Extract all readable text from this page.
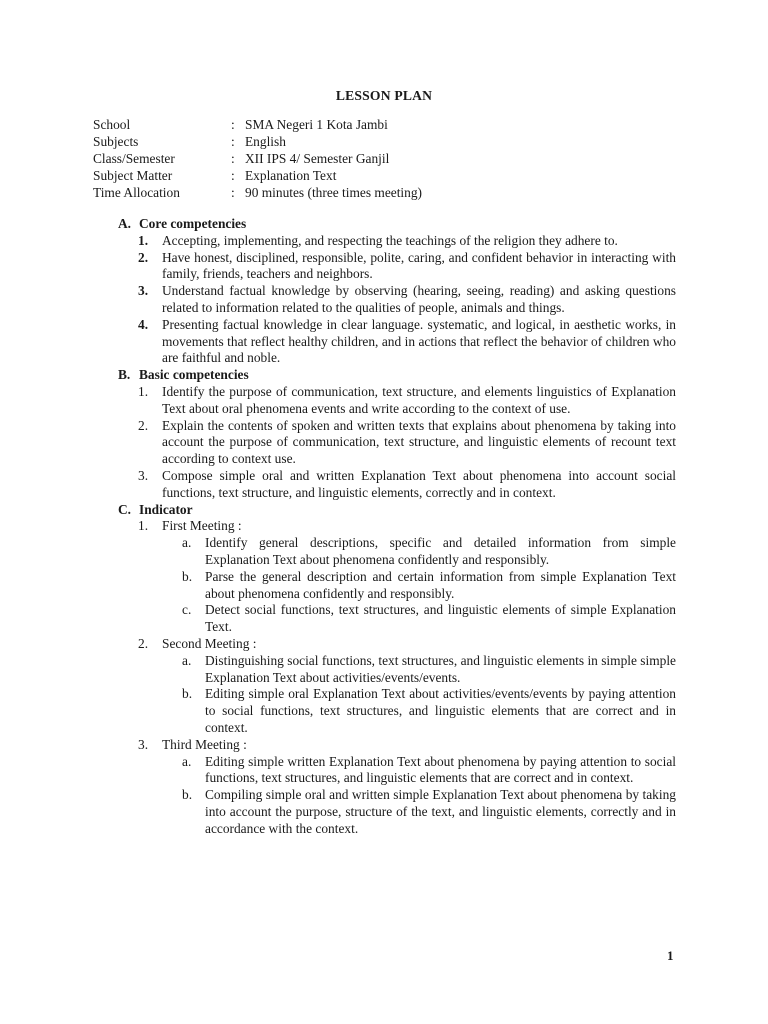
LESSON PLAN
School	: SMA Negeri 1 Kota Jambi
Subjects	: English
Class/Semester	: XII IPS 4/ Semester Ganjil
Subject Matter	: Explanation Text
Time Allocation	: 90 minutes (three times meeting)
A. Core competencies
1.	Accepting, implementing, and respecting the teachings of the religion they adhere to.
2.	Have honest, disciplined, responsible, polite, caring, and confident behavior in interacting with family, friends, teachers and neighbors.
3.	Understand factual knowledge by observing (hearing, seeing, reading) and asking questions related to information related to the qualities of people, animals and things.
4.	Presenting factual knowledge in clear language. systematic, and logical, in aesthetic works, in movements that reflect healthy children, and in actions that reflect the behavior of children who are faithful and noble.
B. Basic competencies
1.	Identify the purpose of communication, text structure, and elements linguistics of Explanation Text about oral phenomena events and write according to the context of use.
2.	Explain the contents of spoken and written texts that explains about phenomena by taking into account the purpose of communication, text structure, and linguistic elements of recount text according to context use.
3.	Compose simple oral and written Explanation Text about phenomena into account social functions, text structure, and linguistic elements, correctly and in context.
C. Indicator
1.	First Meeting :
a.	Identify general descriptions, specific and detailed information from simple Explanation Text about phenomena confidently and responsibly.
b. Parse the general description and certain information from simple Explanation Text about phenomena confidently and responsibly.
c.	Detect social functions, text structures, and linguistic elements of simple Explanation Text.
2.	Second Meeting :
a.	Distinguishing social functions, text structures, and linguistic elements in simple simple Explanation Text about activities/events/events.
b. Editing simple oral Explanation Text about activities/events/events by paying attention to social functions, text structures, and linguistic elements that are correct and in context.
3.	Third Meeting :
a.	Editing simple written Explanation Text about phenomena by paying attention to social functions, text structures, and linguistic elements that are correct and in context.
b. Compiling simple oral and written simple Explanation Text about phenomena by taking into account the purpose, structure of the text, and linguistic elements, correctly and in accordance with the context.
1
